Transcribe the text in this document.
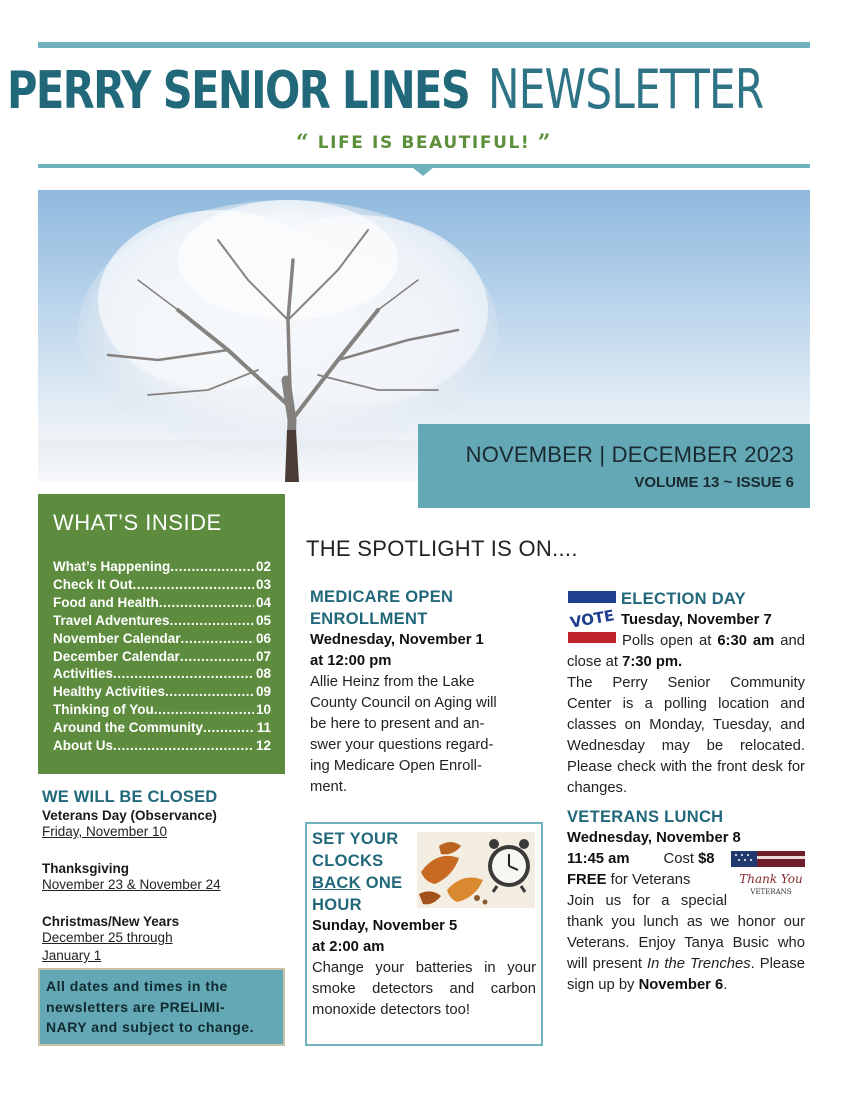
PERRY SENIOR LINES NEWSLETTER
“ LIFE IS BEAUTIFUL! ”
NOVEMBER | DECEMBER 2023
VOLUME 13 ~ ISSUE 6
WHAT’S INSIDE
What’s Happening .....	02
Check It Out .....	03
Food and Health .....	04
Travel Adventures .....	05
November Calendar .....	06
December Calendar .....	07
Activities .....	08
Healthy Activities .....	09
Thinking of You .....	10
Around the Community .....	11
About Us .....	12
WE WILL BE CLOSED
Veterans Day (Observance)
Friday, November 10
Thanksgiving
November 23 & November 24
Christmas/New Years
December 25 through
January 1
All dates and times in the
newsletters are PRELIMI-
NARY and subject to change.
THE SPOTLIGHT IS ON....
MEDICARE OPEN
ENROLLMENT
Wednesday, November 1
at 12:00 pm
Allie Heinz from the Lake
County Council on Aging will
be here to present and an-
swer your questions regard-
ing Medicare Open Enroll-
ment.
SET YOUR
CLOCKS
BACK ONE
HOUR
Sunday, November 5
at 2:00 am
Change your batteries in your smoke detectors and carbon monoxide detectors too!
VOTE
ELECTION DAY
Tuesday, November 7
Polls open at 6:30 am and close at 7:30 pm.
The Perry Senior Community Center is a polling location and classes on Monday, Tuesday, and Wednesday may be relocated. Please check with the front desk for changes.
VETERANS LUNCH
Wednesday, November 8
Thank You
VETERANS
11:45 am Cost $8
FREE for Veterans
Join us for a special thank you lunch as we honor our Veterans. Enjoy Tanya Busic who will present In the Trenches. Please sign up by November 6.
